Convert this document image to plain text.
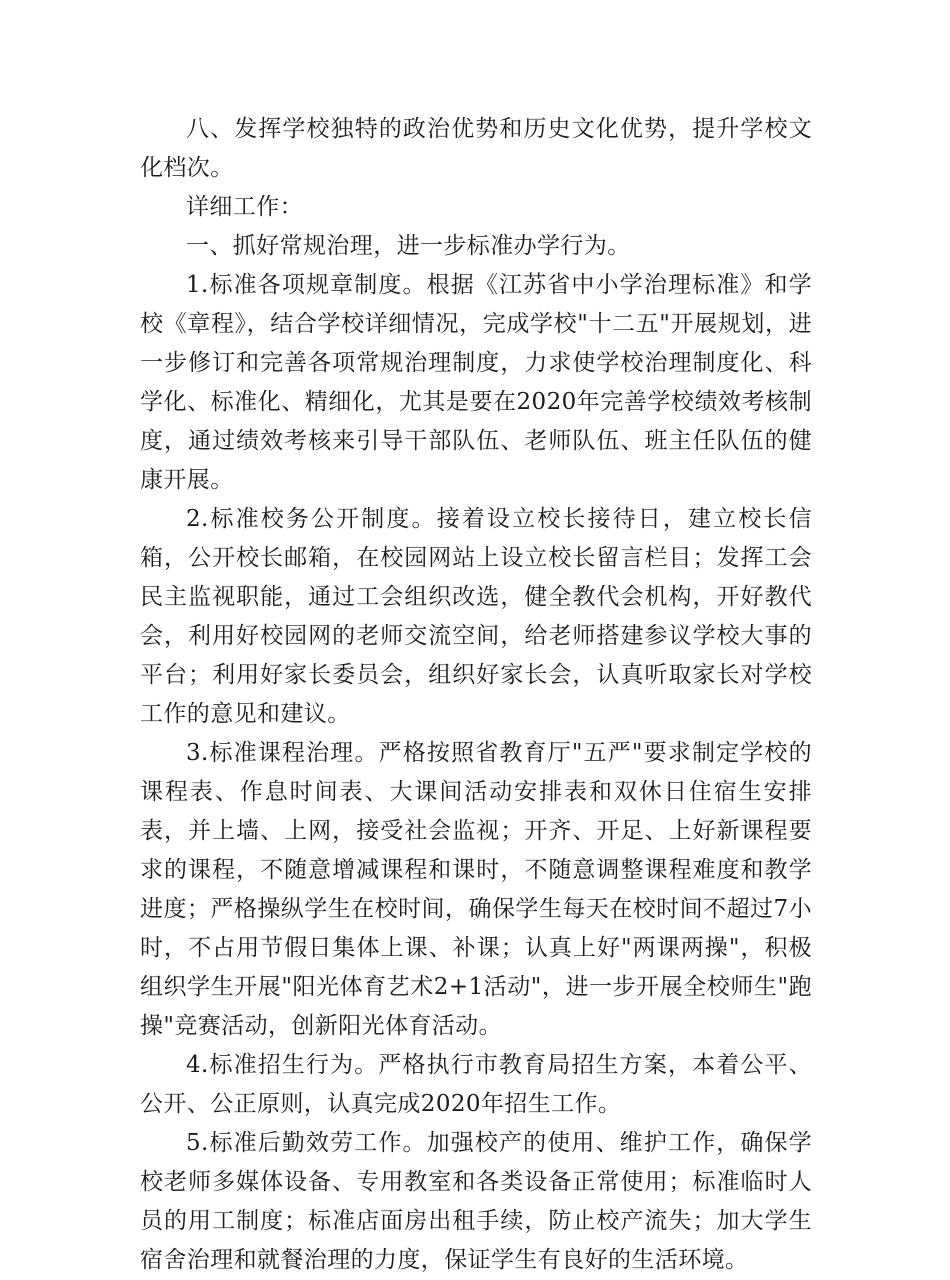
八、发挥学校独特的政治优势和历史文化优势，提升学校文化档次。

详细工作：

一、抓好常规治理，进一步标准办学行为。

1.标准各项规章制度。根据《江苏省中小学治理标准》和学校《章程》，结合学校详细情况，完成学校"十二五"开展规划，进一步修订和完善各项常规治理制度，力求使学校治理制度化、科学化、标准化、精细化，尤其是要在2020年完善学校绩效考核制度，通过绩效考核来引导干部队伍、老师队伍、班主任队伍的健康开展。

2.标准校务公开制度。接着设立校长接待日，建立校长信箱，公开校长邮箱，在校园网站上设立校长留言栏目；发挥工会民主监视职能，通过工会组织改选，健全教代会机构，开好教代会，利用好校园网的老师交流空间，给老师搭建参议学校大事的平台；利用好家长委员会，组织好家长会，认真听取家长对学校工作的意见和建议。

3.标准课程治理。严格按照省教育厅"五严"要求制定学校的课程表、作息时间表、大课间活动安排表和双休日住宿生安排表，并上墙、上网，接受社会监视；开齐、开足、上好新课程要求的课程，不随意增减课程和课时，不随意调整课程难度和教学进度；严格操纵学生在校时间，确保学生每天在校时间不超过7小时，不占用节假日集体上课、补课；认真上好"两课两操"，积极组织学生开展"阳光体育艺术2+1活动"，进一步开展全校师生"跑操"竞赛活动，创新阳光体育活动。

4.标准招生行为。严格执行市教育局招生方案，本着公平、公开、公正原则，认真完成2020年招生工作。

5.标准后勤效劳工作。加强校产的使用、维护工作，确保学校老师多媒体设备、专用教室和各类设备正常使用；标准临时人员的用工制度；标准店面房出租手续，防止校产流失；加大学生宿舍治理和就餐治理的力度，保证学生有良好的生活环境。
